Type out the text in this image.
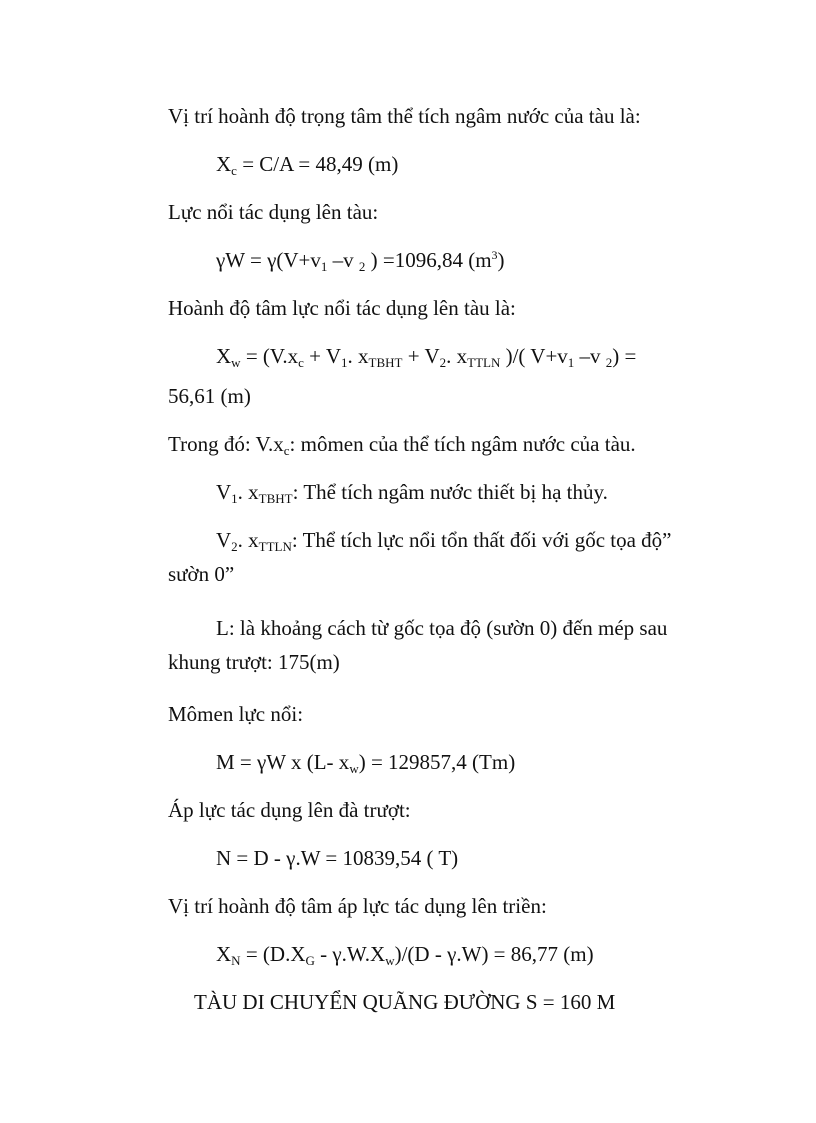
Vị trí hoành độ trọng tâm thể tích ngâm nước của tàu là:
$X_c = C/A = 48,49$ (m)
Lực nổi tác dụng lên tàu:
$\gamma W = \gamma(V+v_1$ –v $_2$ ) =1096,84 $(m^3)$
Hoành độ tâm lực nổi tác dụng lên tàu là:
$X_w = (V.x_c + V_1$. $x_{TBHT} + V_2$. $x_{TTLN}$ )/( $V+v_1$ –v $_2$) =
56,61 (m)
Trong đó: $V.x_c$: mômen của thể tích ngâm nước của tàu.
$V_1$. $x_{TBHT}$: Thể tích ngâm nước thiết bị hạ thủy.
$V_2$. $x_{TTLN}$: Thể tích lực nổi tổn thất đối với gốc tọa độ”
sườn 0”
L: là khoảng cách từ gốc tọa độ (sườn 0) đến mép sau
khung trượt: 175(m)
Mômen lực nổi:
M = γW x (L- $x_w) = 129857,4$ (Tm)
Áp lực tác dụng lên đà trượt:
N = D - γ.W = 10839,54 ( T)
Vị trí hoành độ tâm áp lực tác dụng lên triền:
$X_N = (D.X_G - \gamma.W.X_w)/(D - \gamma.W) = 86,77$ (m)
TÀU DI CHUYỂN QUÃNG ĐƯỜNG S = 160 M
